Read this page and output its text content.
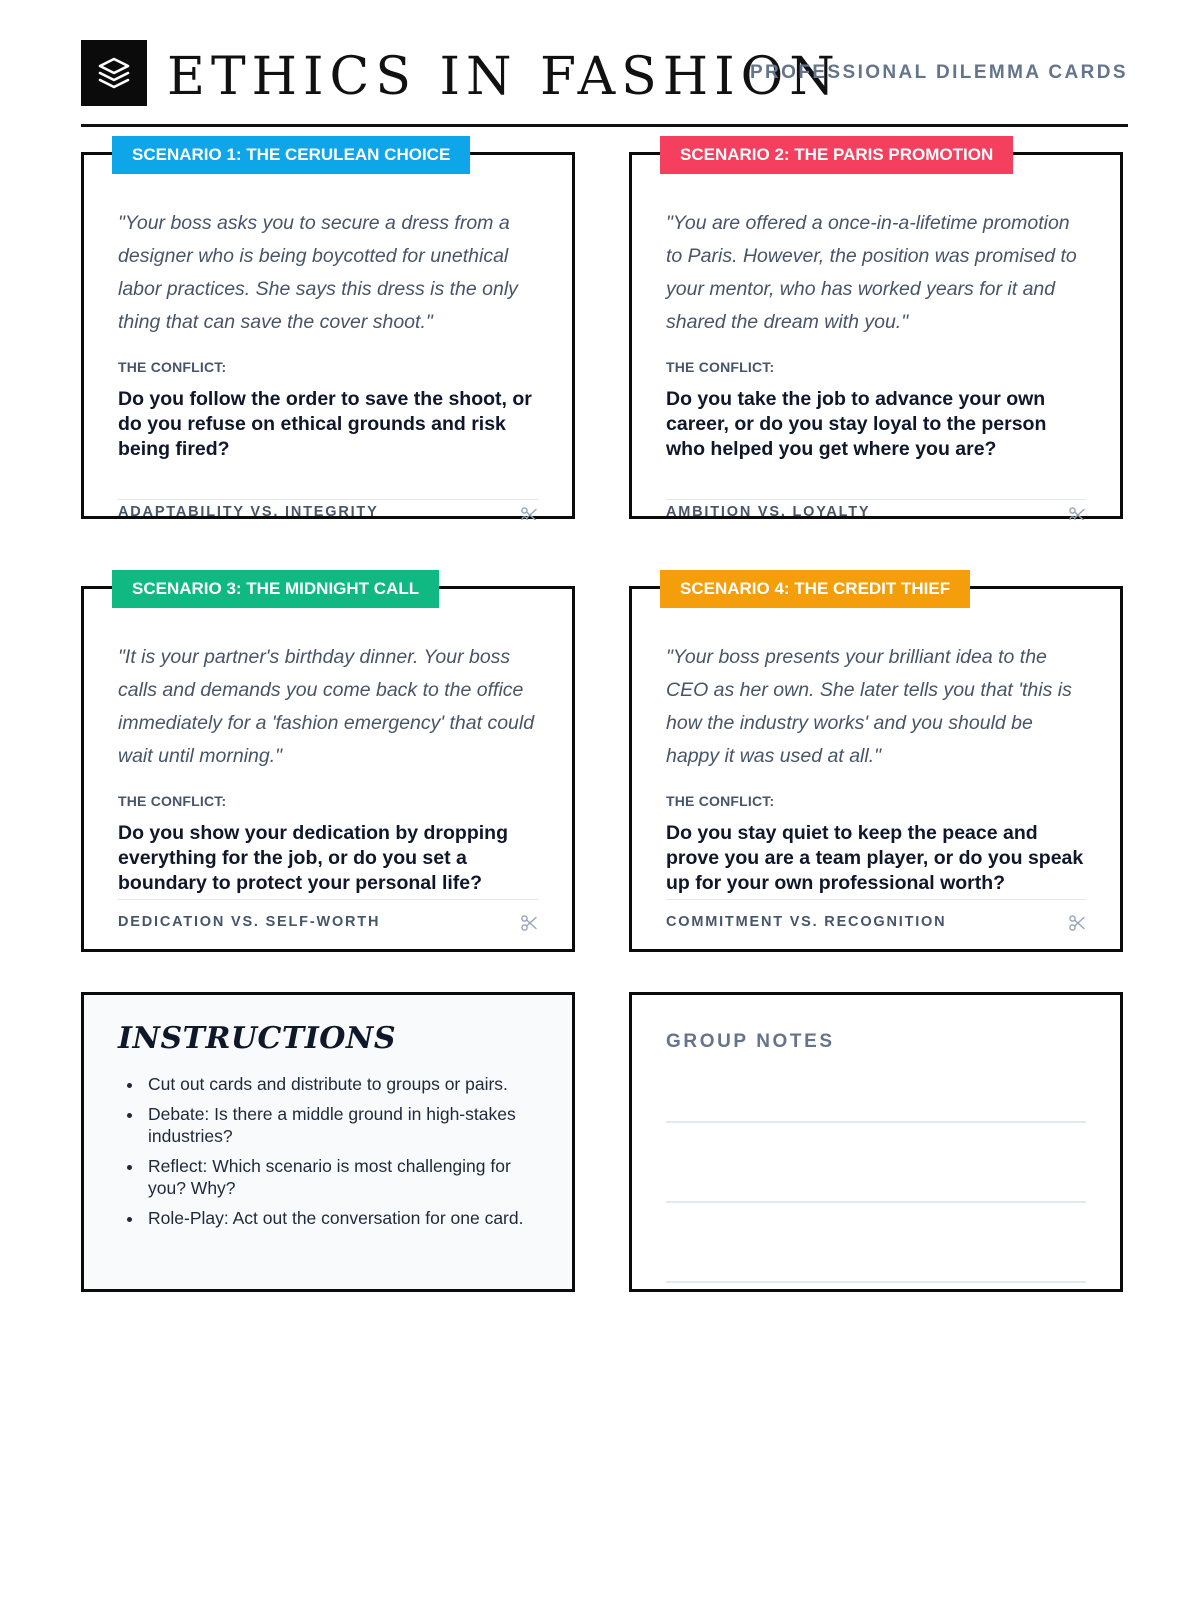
ETHICS IN FASHION
PROFESSIONAL DILEMMA CARDS
SCENARIO 1: THE CERULEAN CHOICE

"Your boss asks you to secure a dress from a designer who is being boycotted for unethical labor practices. She says this dress is the only thing that can save the cover shoot."

THE CONFLICT:
Do you follow the order to save the shoot, or do you refuse on ethical grounds and risk being fired?
ADAPTABILITY VS. INTEGRITY
SCENARIO 2: THE PARIS PROMOTION

"You are offered a once-in-a-lifetime promotion to Paris. However, the position was promised to your mentor, who has worked years for it and shared the dream with you."

THE CONFLICT:
Do you take the job to advance your own career, or do you stay loyal to the person who helped you get where you are?
AMBITION VS. LOYALTY
SCENARIO 3: THE MIDNIGHT CALL

"It is your partner's birthday dinner. Your boss calls and demands you come back to the office immediately for a 'fashion emergency' that could wait until morning."

THE CONFLICT:
Do you show your dedication by dropping everything for the job, or do you set a boundary to protect your personal life?
DEDICATION VS. SELF-WORTH
SCENARIO 4: THE CREDIT THIEF

"Your boss presents your brilliant idea to the CEO as her own. She later tells you that 'this is how the industry works' and you should be happy it was used at all."

THE CONFLICT:
Do you stay quiet to keep the peace and prove you are a team player, or do you speak up for your own professional worth?
COMMITMENT VS. RECOGNITION
INSTRUCTIONS
• Cut out cards and distribute to groups or pairs.
• Debate: Is there a middle ground in high-stakes industries?
• Reflect: Which scenario is most challenging for you? Why?
• Role-Play: Act out the conversation for one card.
GROUP NOTES
